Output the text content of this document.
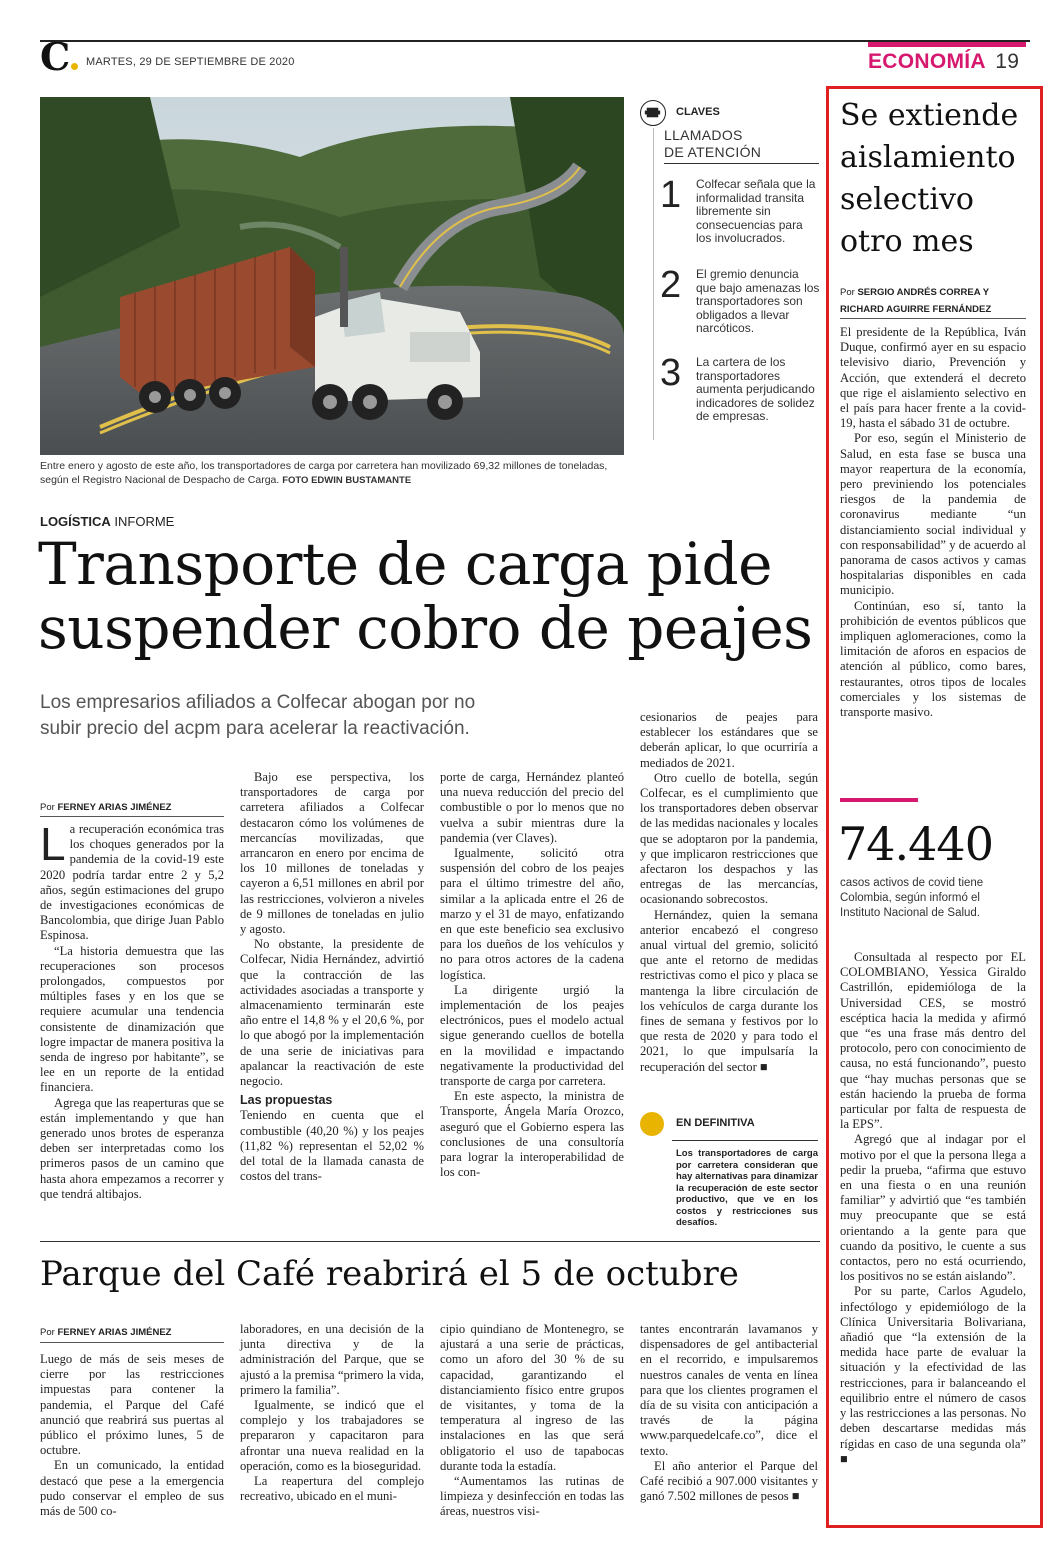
C	MARTES, 29 DE SEPTIEMBRE DE 2020	ECONOMÍA 19
Entre enero y agosto de este año, los transportadores de carga por carretera han movilizado 69,32 millones de toneladas, según el Registro Nacional de Despacho de Carga. FOTO EDWIN BUSTAMANTE
CLAVES
LLAMADOS
DE ATENCIÓN
1 Colfecar señala que la informalidad transita libremente sin consecuencias para los involucrados.
2 El gremio denuncia que bajo amenazas los transportadores son obligados a llevar narcóticos.
3 La cartera de los transportadores aumenta perjudicando indicadores de solidez de empresas.
LOGÍSTICA INFORME
Transporte de carga pide
suspender cobro de peajes
Los empresarios afiliados a Colfecar abogan por no
subir precio del acpm para acelerar la reactivación.
Por FERNEY ARIAS JIMÉNEZ

La recuperación económica tras los choques generados por la pandemia de la covid-19 este 2020 podría tardar entre 2 y 5,2 años, según estimaciones del grupo de investigaciones económicas de Bancolombia, que dirige Juan Pablo Espinosa.

“La historia demuestra que las recuperaciones son procesos prolongados, compuestos por múltiples fases y en los que se requiere acumular una tendencia consistente de dinamización que logre impactar de manera positiva la senda de ingreso por habitante”, se lee en un reporte de la entidad financiera.

Agrega que las reaperturas que se están implementando y que han generado unos brotes de esperanza deben ser interpretadas como los primeros pasos de un camino que hasta ahora empezamos a recorrer y que tendrá altibajos.

Bajo ese perspectiva, los transportadores de carga por carretera afiliados a Colfecar destacaron cómo los volúmenes de mercancías movilizadas, que arrancaron en enero por encima de los 10 millones de toneladas y cayeron a 6,51 millones en abril por las restricciones, volvieron a niveles de 9 millones de toneladas en julio y agosto.

No obstante, la presidente de Colfecar, Nidia Hernández, advirtió que la contracción de las actividades asociadas a transporte y almacenamiento terminarán este año entre el 14,8 % y el 20,6 %, por lo que abogó por la implementación de una serie de iniciativas para apalancar la reactivación de este negocio.

Las propuestas

Teniendo en cuenta que el combustible (40,20 %) y los peajes (11,82 %) representan el 52,02 % del total de la llamada canasta de costos del trans-

porte de carga, Hernández planteó una nueva reducción del precio del combustible o por lo menos que no vuelva a subir mientras dure la pandemia (ver Claves).

Igualmente, solicitó otra suspensión del cobro de los peajes para el último trimestre del año, similar a la aplicada entre el 26 de marzo y el 31 de mayo, enfatizando en que este beneficio sea exclusivo para los dueños de los vehículos y no para otros actores de la cadena logística.

La dirigente urgió la implementación de los peajes electrónicos, pues el modelo actual sigue generando cuellos de botella en la movilidad e impactando negativamente la productividad del transporte de carga por carretera.

En este aspecto, la ministra de Transporte, Ángela María Orozco, aseguró que el Gobierno espera las conclusiones de una consultoría para lograr la interoperabilidad de los con-

cesionarios de peajes para establecer los estándares que se deberán aplicar, lo que ocurriría a mediados de 2021.

Otro cuello de botella, según Colfecar, es el cumplimiento que los transportadores deben observar de las medidas nacionales y locales que se adoptaron por la pandemia, y que implicaron restricciones que afectaron los despachos y las entregas de las mercancías, ocasionando sobrecostos.

Hernández, quien la semana anterior encabezó el congreso anual virtual del gremio, solicitó que ante el retorno de medidas restrictivas como el pico y placa se mantenga la libre circulación de los vehículos de carga durante los fines de semana y festivos por lo que resta de 2020 y para todo el 2021, lo que impulsaría la recuperación del sector ■

EN DEFINITIVA
Los transportadores de carga por carretera consideran que hay alternativas para dinamizar la recuperación de este sector productivo, que ve en los costos y restricciones sus desafíos.
Parque del Café reabrirá el 5 de octubre
Por FERNEY ARIAS JIMÉNEZ

Luego de más de seis meses de cierre por las restricciones impuestas para contener la pandemia, el Parque del Café anunció que reabrirá sus puertas al público el próximo lunes, 5 de octubre.

En un comunicado, la entidad destacó que pese a la emergencia pudo conservar el empleo de sus más de 500 co-

laboradores, en una decisión de la junta directiva y de la administración del Parque, que se ajustó a la premisa “primero la vida, primero la familia”.

Igualmente, se indicó que el complejo y los trabajadores se prepararon y capacitaron para afrontar una nueva realidad en la operación, como es la bioseguridad.

La reapertura del complejo recreativo, ubicado en el muni-

cipio quindiano de Montenegro, se ajustará a una serie de prácticas, como un aforo del 30 % de su capacidad, garantizando el distanciamiento físico entre grupos de visitantes, y toma de la temperatura al ingreso de las instalaciones en las que será obligatorio el uso de tapabocas durante toda la estadía.

“Aumentamos las rutinas de limpieza y desinfección en todas las áreas, nuestros visi-

tantes encontrarán lavamanos y dispensadores de gel antibacterial en el recorrido, e impulsaremos nuestros canales de venta en línea para que los clientes programen el día de su visita con anticipación a través de la página www.parquedelcafe.co”, dice el texto.

El año anterior el Parque del Café recibió a 907.000 visitantes y ganó 7.502 millones de pesos ■

Se extiende
aislamiento
selectivo
otro mes
Por SERGIO ANDRÉS CORREA Y
RICHARD AGUIRRE FERNÁNDEZ

El presidente de la República, Iván Duque, confirmó ayer en su espacio televisivo diario, Prevención y Acción, que extenderá el decreto que rige el aislamiento selectivo en el país para hacer frente a la covid-19, hasta el sábado 31 de octubre.

Por eso, según el Ministerio de Salud, en esta fase se busca una mayor reapertura de la economía, pero previniendo los potenciales riesgos de la pandemia de coronavirus mediante “un distanciamiento social individual y con responsabilidad” y de acuerdo al panorama de casos activos y camas hospitalarias disponibles en cada municipio.

Continúan, eso sí, tanto la prohibición de eventos públicos que impliquen aglomeraciones, como la limitación de aforos en espacios de atención al público, como bares, restaurantes, otros tipos de locales comerciales y los sistemas de transporte masivo.

74.440
casos activos de covid tiene Colombia, según informó el Instituto Nacional de Salud.

Consultada al respecto por EL COLOMBIANO, Yessica Giraldo Castrillón, epidemióloga de la Universidad CES, se mostró escéptica hacia la medida y afirmó que “es una frase más dentro del protocolo, pero con conocimiento de causa, no está funcionando”, puesto que “hay muchas personas que se están haciendo la prueba de forma particular por falta de respuesta de la EPS”.

Agregó que al indagar por el motivo por el que la persona llega a pedir la prueba, “afirma que estuvo en una fiesta o en una reunión familiar” y advirtió que “es también muy preocupante que se está orientando a la gente para que cuando da positivo, le cuente a sus contactos, pero no está ocurriendo, los positivos no se están aislando”.

Por su parte, Carlos Agudelo, infectólogo y epidemiólogo de la Clínica Universitaria Bolivariana, añadió que “la extensión de la medida hace parte de evaluar la situación y la efectividad de las restricciones, para ir balanceando el equilibrio entre el número de casos y las restricciones a las personas. No deben descartarse medidas más rígidas en caso de una segunda ola” ■
